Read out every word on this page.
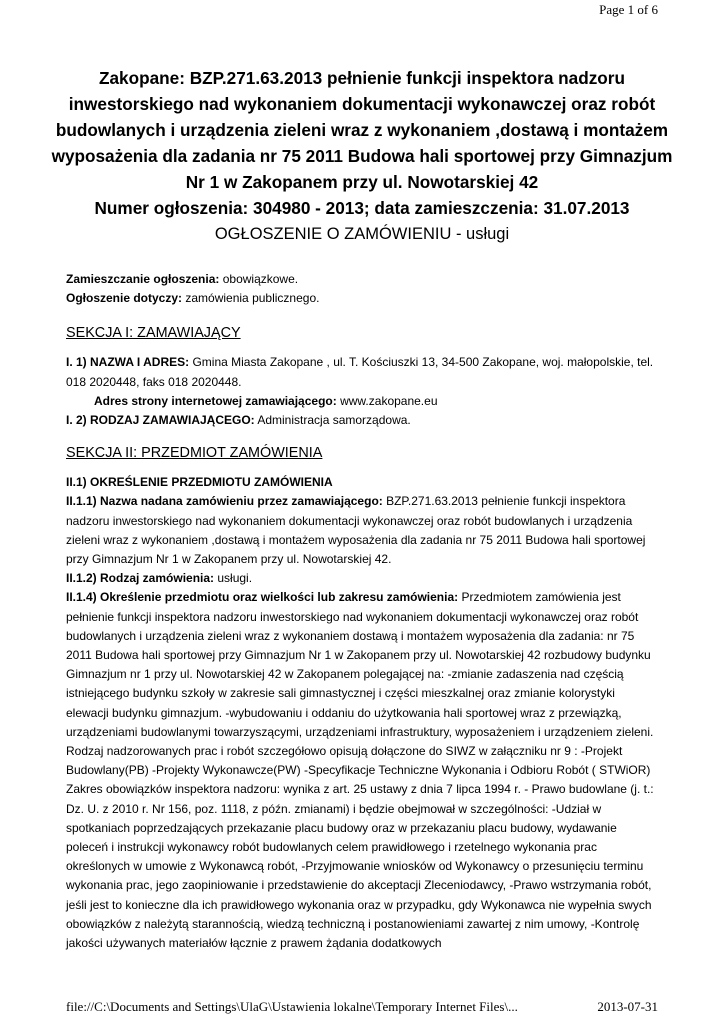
Page 1 of 6
Zakopane: BZP.271.63.2013 pełnienie funkcji inspektora nadzoru inwestorskiego nad wykonaniem dokumentacji wykonawczej oraz robót budowlanych i urządzenia zieleni wraz z wykonaniem ,dostawą i montażem wyposażenia dla zadania nr 75 2011 Budowa hali sportowej przy Gimnazjum Nr 1 w Zakopanem przy ul. Nowotarskiej 42
Numer ogłoszenia: 304980 - 2013; data zamieszczenia: 31.07.2013
OGŁOSZENIE O ZAMÓWIENIU - usługi

Zamieszczanie ogłoszenia: obowiązkowe.

Ogłoszenie dotyczy: zamówienia publicznego.

SEKCJA I: ZAMAWIAJĄCY

I. 1) NAZWA I ADRES: Gmina Miasta Zakopane , ul. T. Kościuszki 13, 34-500 Zakopane, woj. małopolskie, tel. 018 2020448, faks 018 2020448.

Adres strony internetowej zamawiającego: www.zakopane.eu

I. 2) RODZAJ ZAMAWIAJĄCEGO: Administracja samorządowa.

SEKCJA II: PRZEDMIOT ZAMÓWIENIA

II.1) OKREŚLENIE PRZEDMIOTU ZAMÓWIENIA

II.1.1) Nazwa nadana zamówieniu przez zamawiającego: BZP.271.63.2013 pełnienie funkcji inspektora nadzoru inwestorskiego nad wykonaniem dokumentacji wykonawczej oraz robót budowlanych i urządzenia zieleni wraz z wykonaniem ,dostawą i montażem wyposażenia dla zadania nr 75 2011 Budowa hali sportowej przy Gimnazjum Nr 1 w Zakopanem przy ul. Nowotarskiej 42.

II.1.2) Rodzaj zamówienia: usługi.

II.1.4) Określenie przedmiotu oraz wielkości lub zakresu zamówienia: Przedmiotem zamówienia jest pełnienie funkcji inspektora nadzoru inwestorskiego nad wykonaniem dokumentacji wykonawczej oraz robót budowlanych i urządzenia zieleni wraz z wykonaniem dostawą i montażem wyposażenia dla zadania: nr 75 2011 Budowa hali sportowej przy Gimnazjum Nr 1 w Zakopanem przy ul. Nowotarskiej 42 rozbudowy budynku Gimnazjum nr 1 przy ul. Nowotarskiej 42 w Zakopanem polegającej na: -zmianie zadaszenia nad częścią istniejącego budynku szkoły w zakresie sali gimnastycznej i części mieszkalnej oraz zmianie kolorystyki elewacji budynku gimnazjum. -wybudowaniu i oddaniu do użytkowania hali sportowej wraz z przewiązką, urządzeniami budowlanymi towarzyszącymi, urządzeniami infrastruktury, wyposażeniem i urządzeniem zieleni. Rodzaj nadzorowanych prac i robót szczegółowo opisują dołączone do SIWZ w załączniku nr 9 : -Projekt Budowlany(PB) -Projekty Wykonawcze(PW) -Specyfikacje Techniczne Wykonania i Odbioru Robót ( STWiOR) Zakres obowiązków inspektora nadzoru: wynika z art. 25 ustawy z dnia 7 lipca 1994 r. - Prawo budowlane (j. t.: Dz. U. z 2010 r. Nr 156, poz. 1118, z późn. zmianami) i będzie obejmował w szczególności: -Udział w spotkaniach poprzedzających przekazanie placu budowy oraz w przekazaniu placu budowy, wydawanie poleceń i instrukcji wykonawcy robót budowlanych celem prawidłowego i rzetelnego wykonania prac określonych w umowie z Wykonawcą robót, -Przyjmowanie wniosków od Wykonawcy o przesunięciu terminu wykonania prac, jego zaopiniowanie i przedstawienie do akceptacji Zleceniodawcy, -Prawo wstrzymania robót, jeśli jest to konieczne dla ich prawidłowego wykonania oraz w przypadku, gdy Wykonawca nie wypełnia swych obowiązków z należytą starannością, wiedzą techniczną i postanowieniami zawartej z nim umowy, -Kontrolę jakości używanych materiałów łącznie z prawem żądania dodatkowych

file://C:\Documents and Settings\UlaG\Ustawienia lokalne\Temporary Internet Files\...	2013-07-31
